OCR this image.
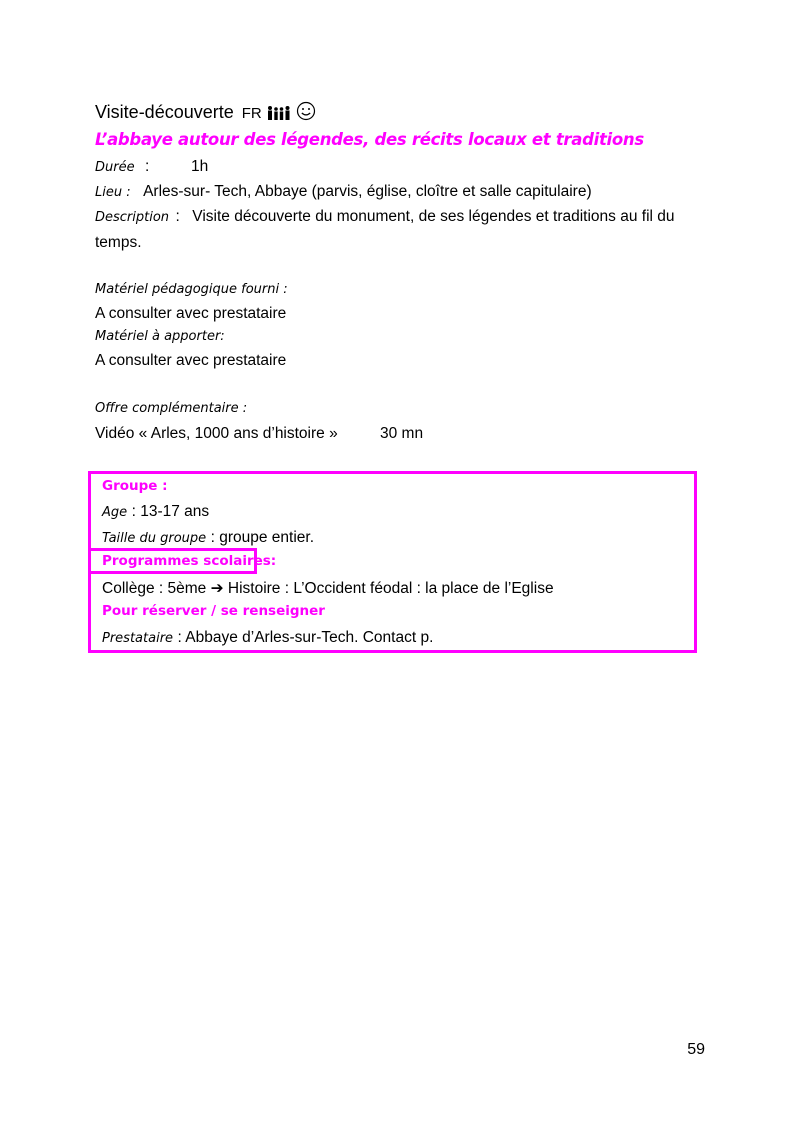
Visite-découverte FR
L’abbaye autour des légendes, des récits locaux et traditions
Durée :	1h
Lieu : Arles-sur- Tech, Abbaye (parvis, église, cloître et salle capitulaire)
Description : Visite découverte du monument, de ses légendes et traditions au fil du
temps.
Matériel pédagogique fourni :
A consulter avec prestataire
Matériel à apporter:
A consulter avec prestataire
Offre complémentaire :
Vidéo « Arles, 1000 ans d’histoire »	30 mn
Groupe :
Age : 13-17 ans
Taille du groupe : groupe entier.
Programmes scolaires:
Collège : 5ème ➔ Histoire : L’Occident féodal : la place de l’Eglise
Pour réserver / se renseigner
Prestataire : Abbaye d’Arles-sur-Tech. Contact p.
59
